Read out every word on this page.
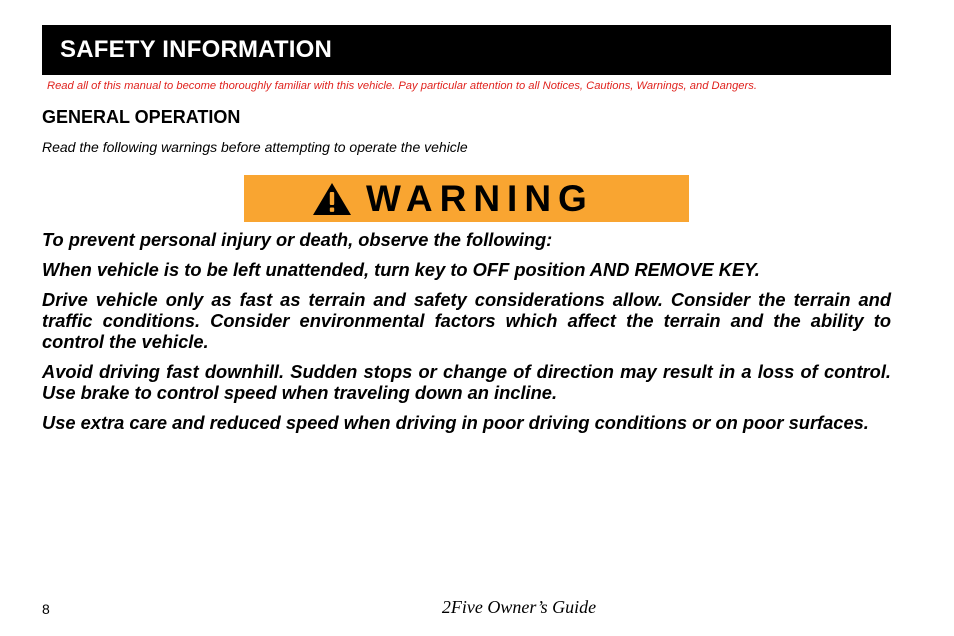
SAFETY INFORMATION
Read all of this manual to become thoroughly familiar with this vehicle. Pay particular attention to all Notices, Cautions, Warnings, and Dangers.
GENERAL OPERATION
Read the following warnings before attempting to operate the vehicle
WARNING

To prevent personal injury or death, observe the following:

When vehicle is to be left unattended, turn key to OFF position AND REMOVE KEY.

Drive vehicle only as fast as terrain and safety considerations allow. Consider the terrain and traffic conditions. Consider environmental factors which affect the terrain and the ability to control the vehicle.

Avoid driving fast downhill. Sudden stops or change of direction may result in a loss of control. Use brake to control speed when traveling down an incline.

Use extra care and reduced speed when driving in poor driving conditions or on poor surfaces.

8	2Five Owner’s Guide
